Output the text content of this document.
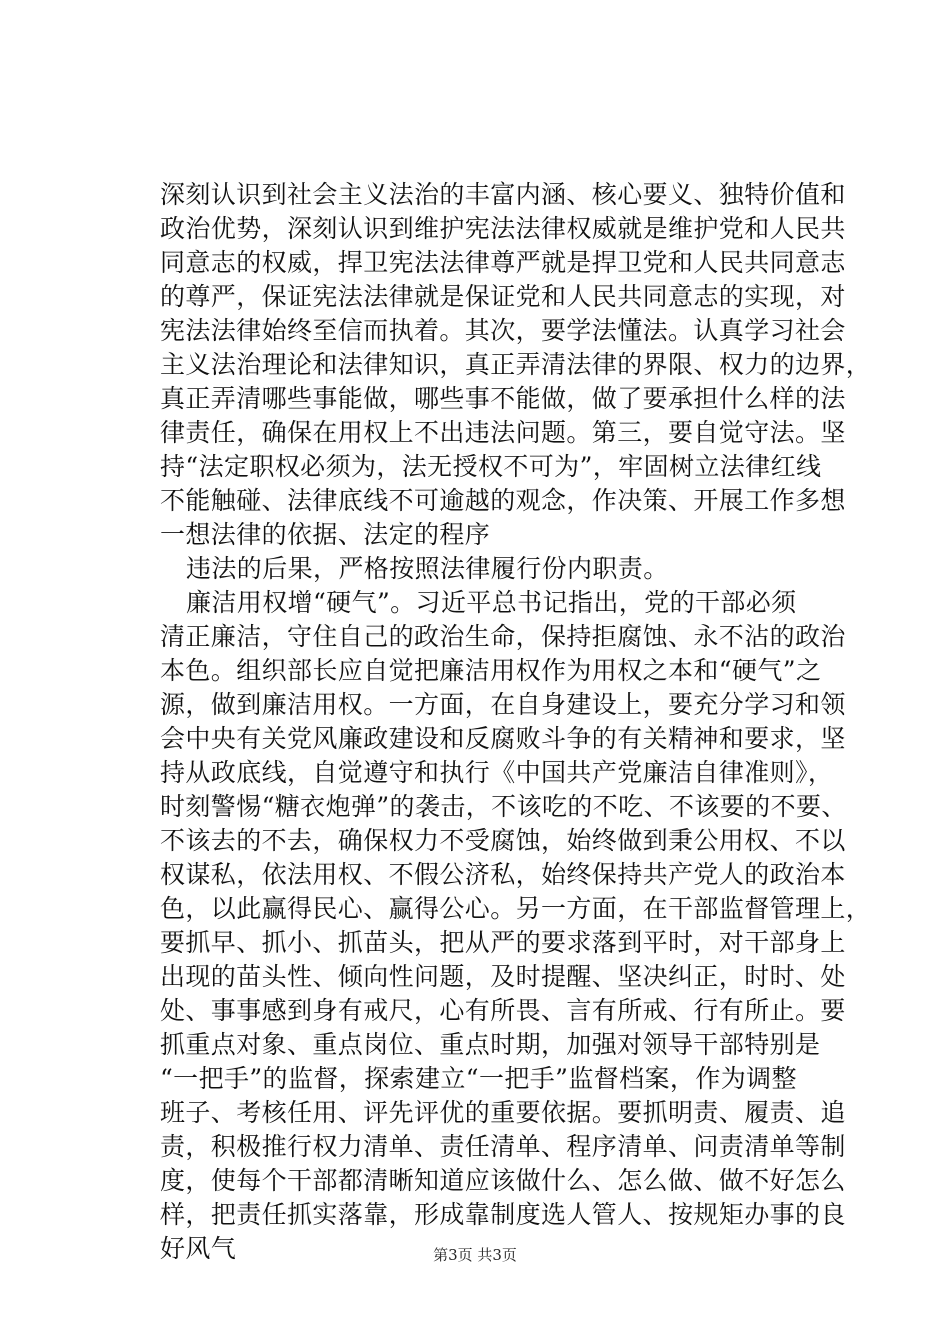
深刻认识到社会主义法治的丰富内涵、核心要义、独特价值和
政治优势，深刻认识到维护宪法法律权威就是维护党和人民共
同意志的权威，捍卫宪法法律尊严就是捍卫党和人民共同意志
的尊严，保证宪法法律就是保证党和人民共同意志的实现，对
宪法法律始终至信而执着。其次，要学法懂法。认真学习社会
主义法治理论和法律知识，真正弄清法律的界限、权力的边界，
真正弄清哪些事能做，哪些事不能做，做了要承担什么样的法
律责任，确保在用权上不出违法问题。第三，要自觉守法。坚
持“法定职权必须为，法无授权不可为”，牢固树立法律红线
不能触碰、法律底线不可逾越的观念，作决策、开展工作多想
一想法律的依据、法定的程序
违法的后果，严格按照法律履行份内职责。
廉洁用权增“硬气”。习近平总书记指出，党的干部必须
清正廉洁，守住自己的政治生命，保持拒腐蚀、永不沾的政治
本色。组织部长应自觉把廉洁用权作为用权之本和“硬气”之
源，做到廉洁用权。一方面，在自身建设上，要充分学习和领
会中央有关党风廉政建设和反腐败斗争的有关精神和要求，坚
持从政底线，自觉遵守和执行《中国共产党廉洁自律准则》，
时刻警惕“糖衣炮弹”的袭击，不该吃的不吃、不该要的不要、
不该去的不去，确保权力不受腐蚀，始终做到秉公用权、不以
权谋私，依法用权、不假公济私，始终保持共产党人的政治本
色，以此赢得民心、赢得公心。另一方面，在干部监督管理上，
要抓早、抓小、抓苗头，把从严的要求落到平时，对干部身上
出现的苗头性、倾向性问题，及时提醒、坚决纠正，时时、处
处、事事感到身有戒尺，心有所畏、言有所戒、行有所止。要
抓重点对象、重点岗位、重点时期，加强对领导干部特别是
“一把手”的监督，探索建立“一把手”监督档案，作为调整
班子、考核任用、评先评优的重要依据。要抓明责、履责、追
责，积极推行权力清单、责任清单、程序清单、问责清单等制
度，使每个干部都清晰知道应该做什么、怎么做、做不好怎么
样，把责任抓实落靠，形成靠制度选人管人、按规矩办事的良
好风气	第3页 共3页
